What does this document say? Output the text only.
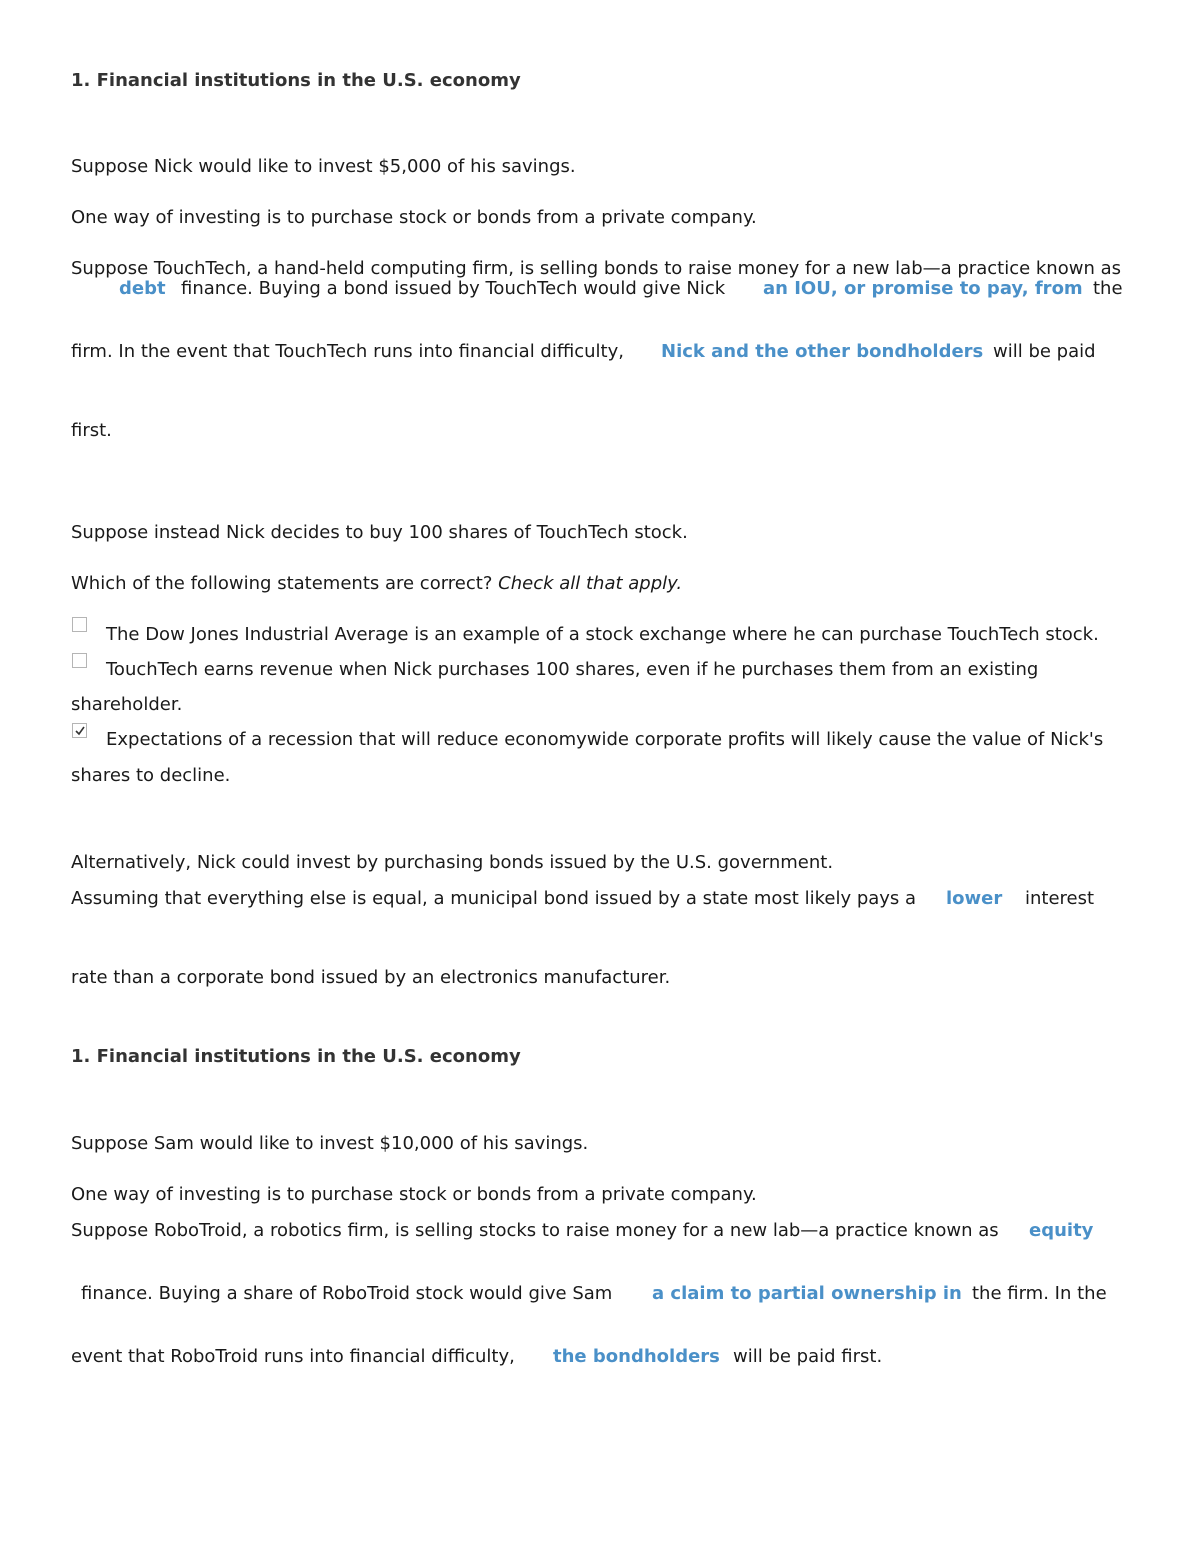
1. Financial institutions in the U.S. economy
Suppose Nick would like to invest $5,000 of his savings.
One way of investing is to purchase stock or bonds from a private company.
Suppose TouchTech, a hand-held computing firm, is selling bonds to raise money for a new lab—a practice known as
debt finance. Buying a bond issued by TouchTech would give Nick an IOU, or promise to pay, from the
firm. In the event that TouchTech runs into financial difficulty, Nick and the other bondholders will be paid
first.
Suppose instead Nick decides to buy 100 shares of TouchTech stock.
Which of the following statements are correct? Check all that apply.
The Dow Jones Industrial Average is an example of a stock exchange where he can purchase TouchTech stock.
TouchTech earns revenue when Nick purchases 100 shares, even if he purchases them from an existing
shareholder.
Expectations of a recession that will reduce economywide corporate profits will likely cause the value of Nick's
shares to decline.
Alternatively, Nick could invest by purchasing bonds issued by the U.S. government.
Assuming that everything else is equal, a municipal bond issued by a state most likely pays a lower interest
rate than a corporate bond issued by an electronics manufacturer.
1. Financial institutions in the U.S. economy
Suppose Sam would like to invest $10,000 of his savings.
One way of investing is to purchase stock or bonds from a private company.
Suppose RoboTroid, a robotics firm, is selling stocks to raise money for a new lab—a practice known as equity
finance. Buying a share of RoboTroid stock would give Sam a claim to partial ownership in the firm. In the
event that RoboTroid runs into financial difficulty, the bondholders will be paid first.
